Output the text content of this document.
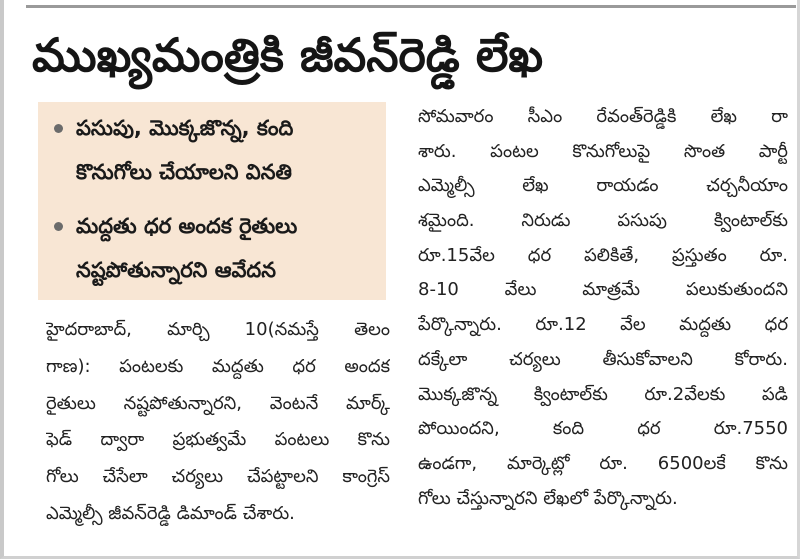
ముఖ్యమంత్రికి జీవన్‌రెడ్డి లేఖ
పసుపు, మొక్కజొన్న, కంది
కొనుగోలు చేయాలని వినతి
మద్దతు ధర అందక రైతులు
నష్టపోతున్నారని ఆవేదన
హైదరాబాద్, మార్చి 10(నమస్తే తెలం
గాణ): పంటలకు మద్దతు ధర అందక
రైతులు నష్టపోతున్నారని, వెంటనే మార్క్
ఫెడ్ ద్వారా ప్రభుత్వమే పంటలు కొను
గోలు చేసేలా చర్యలు చేపట్టాలని కాంగ్రెస్
ఎమ్మెల్సీ జీవన్‌రెడ్డి డిమాండ్ చేశారు.
సోమవారం సీఎం రేవంత్‌రెడ్డికి లేఖ రా
శారు. పంటల కొనుగోలుపై సొంత పార్టీ
ఎమ్మెల్సీ లేఖ రాయడం చర్చనీయాం
శమైంది. నిరుడు పసుపు క్వింటాల్‌కు
రూ.15వేల ధర పలికితే, ప్రస్తుతం రూ.
8-10 వేలు మాత్రమే పలుకుతుందని
పేర్కొన్నారు. రూ.12 వేల మద్దతు ధర
దక్కేలా చర్యలు తీసుకోవాలని కోరారు.
మొక్కజొన్న క్వింటాల్‌కు రూ.2వేలకు పడి
పోయిందని, కంది ధర రూ.7550
ఉండగా, మార్కెట్లో రూ. 6500లకే కొను
గోలు చేస్తున్నారని లేఖలో పేర్కొన్నారు.
